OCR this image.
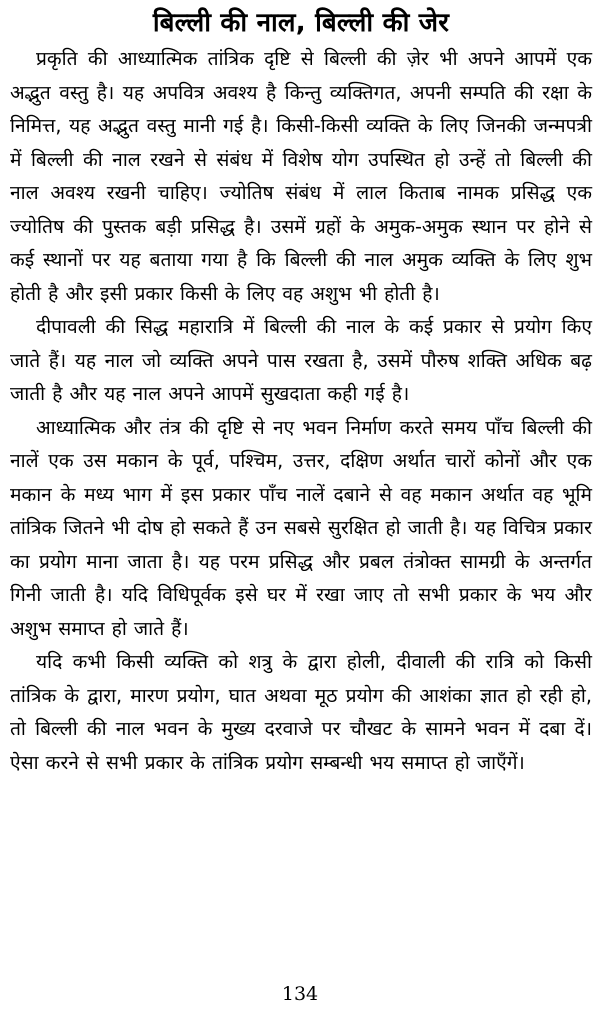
बिल्ली की नाल, बिल्ली की जेर

प्रकृति की आध्यात्मिक तांत्रिक दृष्टि से बिल्ली की ज़ेर भी अपने आपमें एक अद्भुत वस्तु है। यह अपवित्र अवश्य है किन्तु व्यक्तिगत, अपनी सम्पति की रक्षा के निमित्त, यह अद्भुत वस्तु मानी गई है। किसी-किसी व्यक्ति के लिए जिनकी जन्मपत्री में बिल्ली की नाल रखने से संबंध में विशेष योग उपस्थित हो उन्हें तो बिल्ली की नाल अवश्य रखनी चाहिए। ज्योतिष संबंध में लाल किताब नामक प्रसिद्ध एक ज्योतिष की पुस्तक बड़ी प्रसिद्ध है। उसमें ग्रहों के अमुक-अमुक स्थान पर होने से कई स्थानों पर यह बताया गया है कि बिल्ली की नाल अमुक व्यक्ति के लिए शुभ होती है और इसी प्रकार किसी के लिए वह अशुभ भी होती है।

दीपावली की सिद्ध महारात्रि में बिल्ली की नाल के कई प्रकार से प्रयोग किए जाते हैं। यह नाल जो व्यक्ति अपने पास रखता है, उसमें पौरुष शक्ति अधिक बढ़ जाती है और यह नाल अपने आपमें सुखदाता कही गई है।

आध्यात्मिक और तंत्र की दृष्टि से नए भवन निर्माण करते समय पाँच बिल्ली की नालें एक उस मकान के पूर्व, पश्चिम, उत्तर, दक्षिण अर्थात चारों कोनों और एक मकान के मध्य भाग में इस प्रकार पाँच नालें दबाने से वह मकान अर्थात वह भूमि तांत्रिक जितने भी दोष हो सकते हैं उन सबसे सुरक्षित हो जाती है। यह विचित्र प्रकार का प्रयोग माना जाता है। यह परम प्रसिद्ध और प्रबल तंत्रोक्त सामग्री के अन्तर्गत गिनी जाती है। यदि विधिपूर्वक इसे घर में रखा जाए तो सभी प्रकार के भय और अशुभ समाप्त हो जाते हैं।

यदि कभी किसी व्यक्ति को शत्रु के द्वारा होली, दीवाली की रात्रि को किसी तांत्रिक के द्वारा, मारण प्रयोग, घात अथवा मूठ प्रयोग की आशंका ज्ञात हो रही हो, तो बिल्ली की नाल भवन के मुख्य दरवाजे पर चौखट के सामने भवन में दबा दें। ऐसा करने से सभी प्रकार के तांत्रिक प्रयोग सम्बन्धी भय समाप्त हो जाएँगें।

134
